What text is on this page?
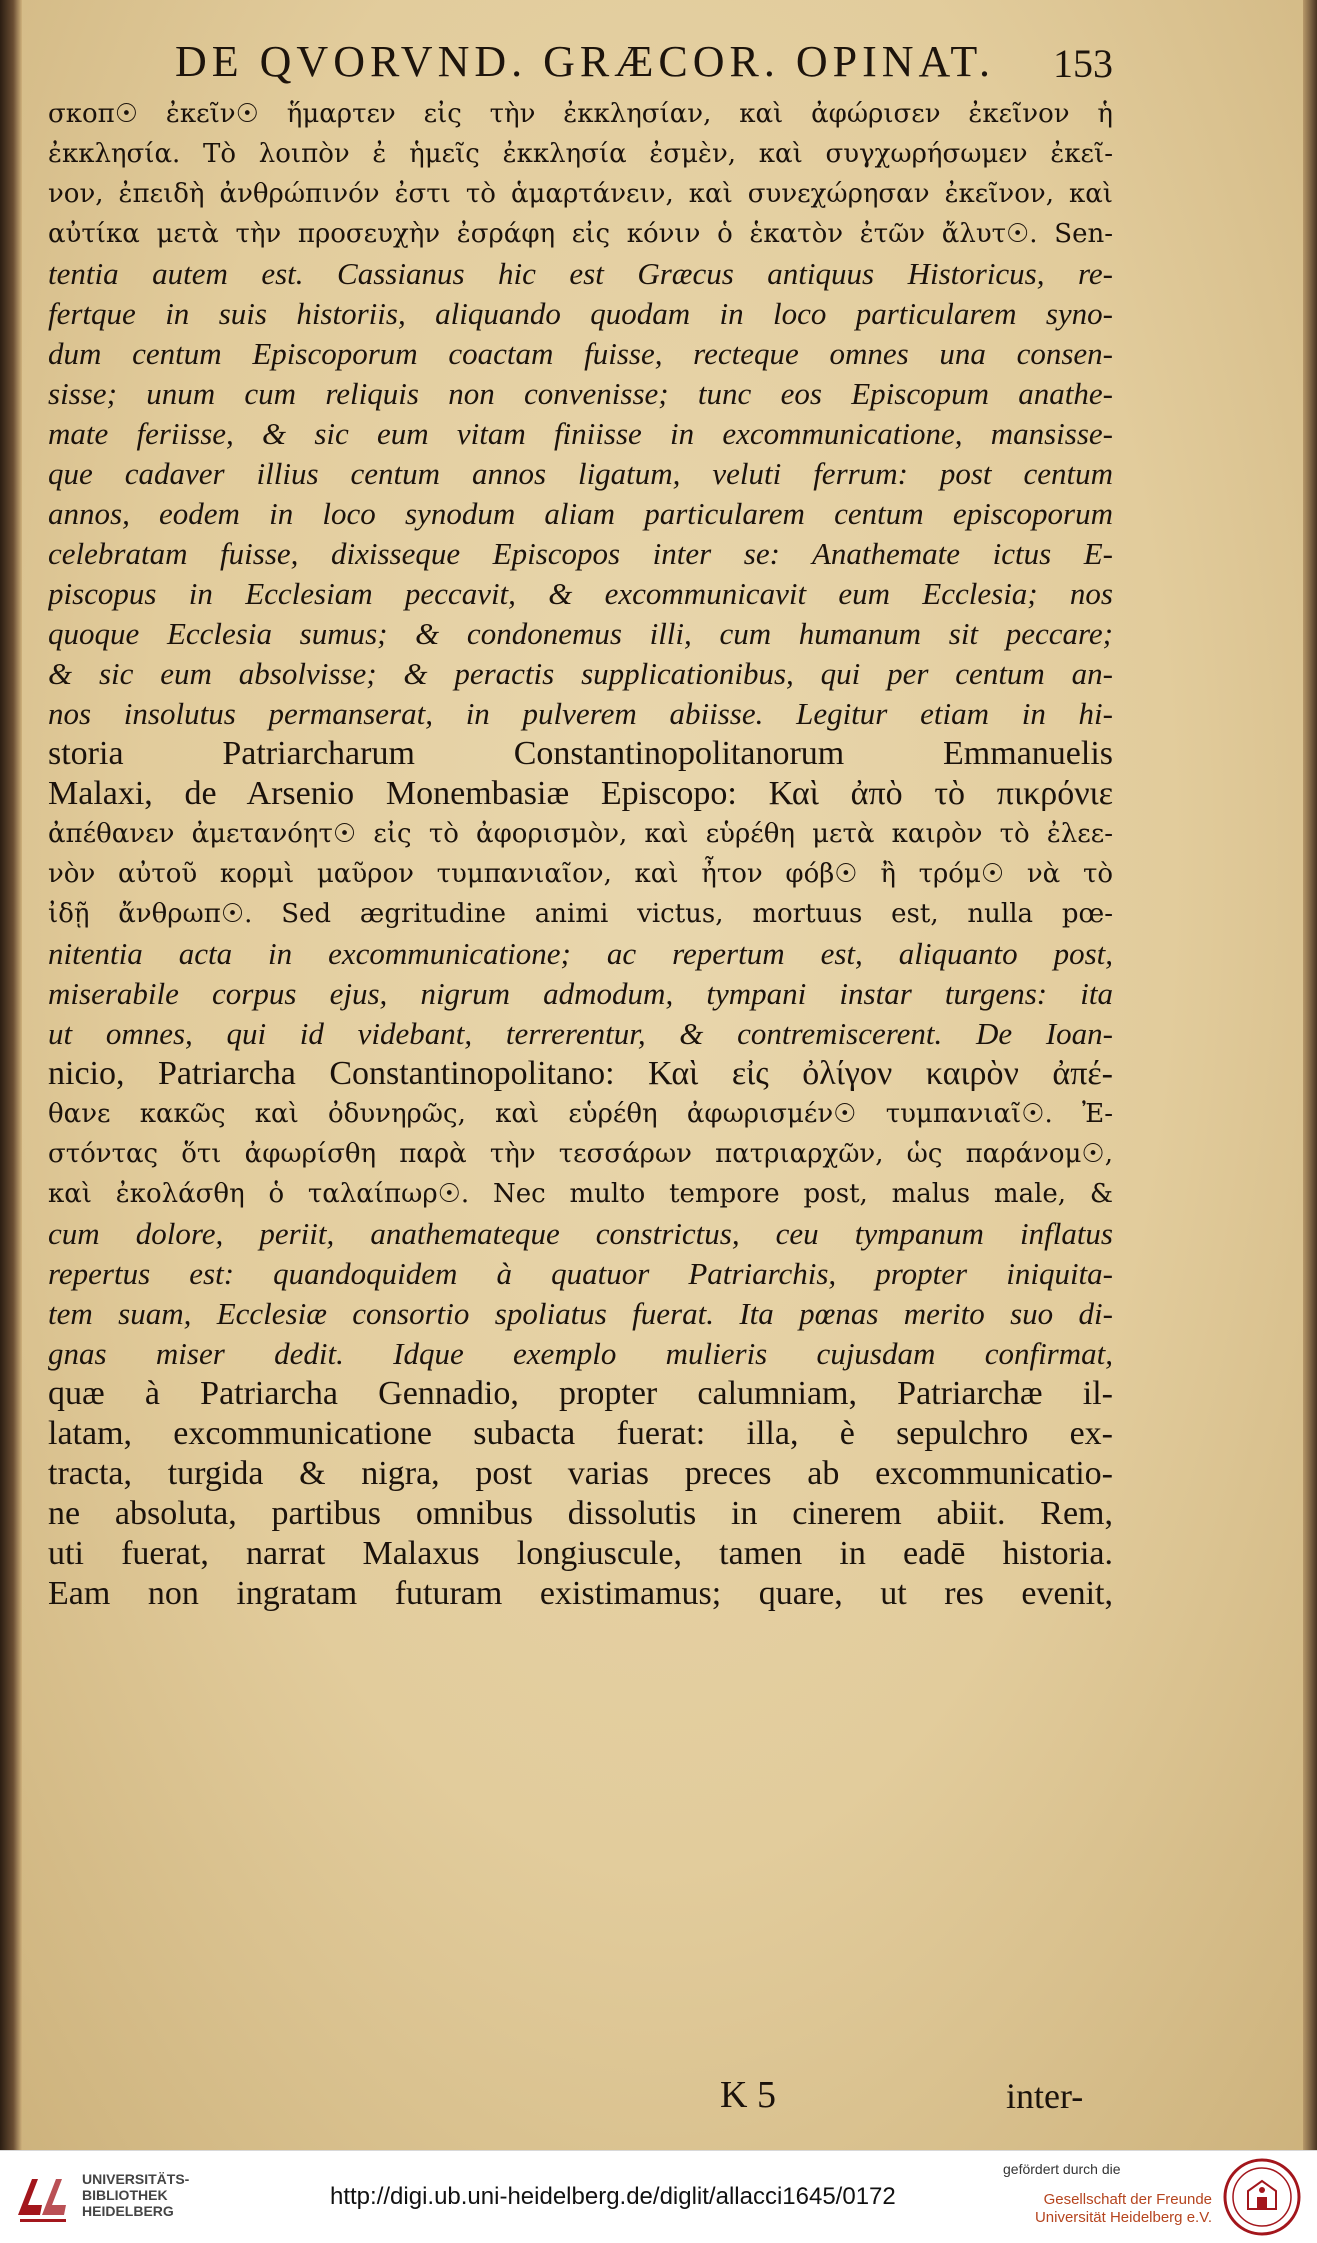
DE QVORVND. GRÆCOR. OPINAT.	153
σκοπ☉ ἐκεῖν☉ ἥμαρτεν εἰς τὴν ἐκκλησίαν, καὶ ἀφώρισεν ἐκεῖνον ἡ
ἐκκλησία. Τὸ λοιπὸν ἐ ἡμεῖς ἐκκλησία ἐσμὲν, καὶ συγχωρήσωμεν ἐκεῖ-
νον, ἐπειδὴ ἀνθρώπινόν ἐστι τὸ ἁμαρτάνειν, καὶ συνεχώρησαν ἐκεῖνον, καὶ
αὐτίκα μετὰ τὴν προσευχὴν ἐσράφη εἰς κόνιν ὁ ἑκατὸν ἐτῶν ἄλυτ☉. Sen-
tentia autem est. Cassianus hic est Græcus antiquus Historicus, re-
fertque in suis historiis, aliquando quodam in loco particularem syno-
dum centum Episcoporum coactam fuisse, recteque omnes una consen-
sisse; unum cum reliquis non convenisse; tunc eos Episcopum anathe-
mate feriisse, & sic eum vitam finiisse in excommunicatione, mansisse-
que cadaver illius centum annos ligatum, veluti ferrum: post centum
annos, eodem in loco synodum aliam particularem centum episcoporum
celebratam fuisse, dixisseque Episcopos inter se: Anathemate ictus E-
piscopus in Ecclesiam peccavit, & excommunicavit eum Ecclesia; nos
quoque Ecclesia sumus; & condonemus illi, cum humanum sit peccare;
& sic eum absolvisse; & peractis supplicationibus, qui per centum an-
nos insolutus permanserat, in pulverem abiisse. Legitur etiam in hi-
storia Patriarcharum Constantinopolitanorum Emmanuelis
Malaxi, de Arsenio Monembasiæ Episcopo: Καὶ ἀπὸ τὸ πικρόνιε
ἀπέθανεν ἀμετανόητ☉ εἰς τὸ ἀφορισμὸν, καὶ εὑρέθη μετὰ καιρὸν τὸ ἐλεε-
νὸν αὐτοῦ κορμὶ μαῦρον τυμπανιαῖον, καὶ ἦτον φόβ☉ ἢ τρόμ☉ νὰ τὸ
ἰδῇ ἄνθρωπ☉. Sed ægritudine animi victus, mortuus est, nulla pœ-
nitentia acta in excommunicatione; ac repertum est, aliquanto post,
miserabile corpus ejus, nigrum admodum, tympani instar turgens: ita
ut omnes, qui id videbant, terrerentur, & contremiscerent. De Ioan-
nicio, Patriarcha Constantinopolitano: Καὶ εἰς ὀλίγον καιρὸν ἀπέ-
θανε κακῶς καὶ ὀδυνηρῶς, καὶ εὑρέθη ἀφωρισμέν☉ τυμπανιαῖ☉. Ἐ-
στόντας ὅτι ἀφωρίσθη παρὰ τὴν τεσσάρων πατριαρχῶν, ὡς παράνομ☉,
καὶ ἐκολάσθη ὁ ταλαίπωρ☉. Nec multo tempore post, malus male, &
cum dolore, periit, anathemateque constrictus, ceu tympanum inflatus
repertus est: quandoquidem à quatuor Patriarchis, propter iniquita-
tem suam, Ecclesiæ consortio spoliatus fuerat. Ita pœnas merito suo di-
gnas miser dedit. Idque exemplo mulieris cujusdam confirmat,
quæ à Patriarcha Gennadio, propter calumniam, Patriarchæ il-
latam, excommunicatione subacta fuerat: illa, è sepulchro ex-
tracta, turgida & nigra, post varias preces ab excommunicatio-
ne absoluta, partibus omnibus dissolutis in cinerem abiit. Rem,
uti fuerat, narrat Malaxus longiuscule, tamen in eadē historia.
Eam non ingratam futuram existimamus; quare, ut res evenit,
K 5	inter-
UNIVERSITÄTS-
BIBLIOTHEK
HEIDELBERG
http://digi.ub.uni-heidelberg.de/diglit/allacci1645/0172
gefördert durch die
Gesellschaft der Freunde
Universität Heidelberg e.V.
